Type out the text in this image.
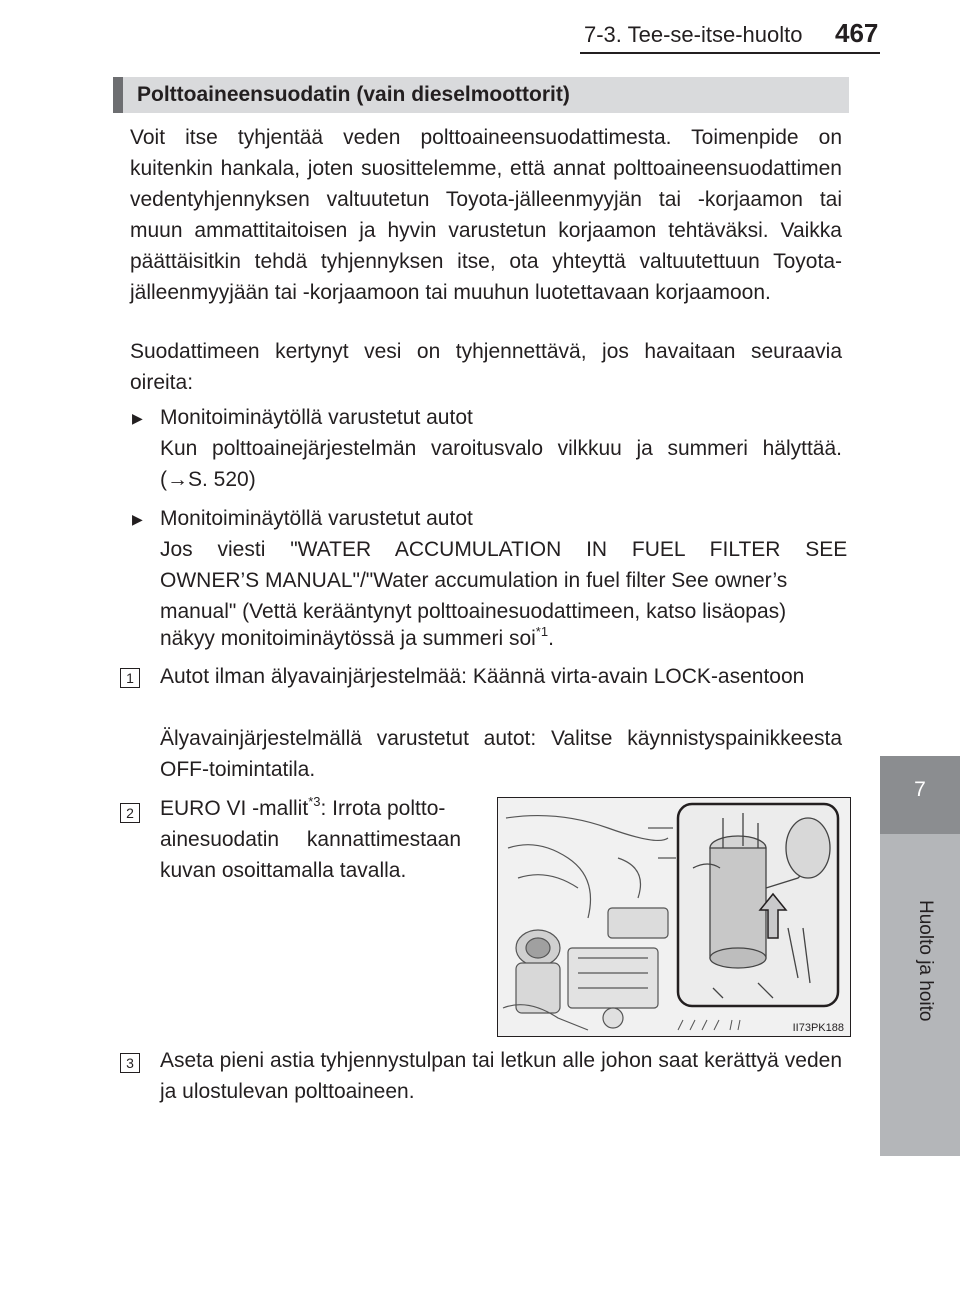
7-3. Tee-se-itse-huolto 467
7
Huolto ja hoito
Polttoaineensuodatin (vain dieselmoottorit)
Voit itse tyhjentää veden polttoaineensuodattimesta. Toimenpide on kuitenkin hankala, joten suosittelemme, että annat polttoaineensuodattimen vedentyhjennyksen valtuutetun Toyota-jälleenmyyjän tai -korjaamon tai muun ammattitaitoisen ja hyvin varustetun korjaamon tehtäväksi. Vaikka päättäisitkin tehdä tyhjennyksen itse, ota yhteyttä valtuutettuun Toyota-jälleenmyyjään tai -korjaamoon tai muuhun luotettavaan korjaamoon.
Suodattimeen kertynyt vesi on tyhjennettävä, jos havaitaan seuraavia oireita:
▶ Monitoiminäytöllä varustetut autot
Kun polttoainejärjestelmän varoitusvalo vilkkuu ja summeri hälyttää. (→S. 520)
▶ Monitoiminäytöllä varustetut autot
Jos viesti "WATER ACCUMULATION IN FUEL FILTER SEE
OWNER’S MANUAL"/"Water accumulation in fuel filter See owner’s
manual" (Vettä kerääntynyt polttoainesuodattimeen, katso lisäopas)
näkyy monitoiminäytössä ja summeri soi$^{*1}$.
1 Autot ilman älyavainjärjestelmää: Käännä virta-avain LOCK-asentoon
Älyavainjärjestelmällä varustetut autot: Valitse käynnistyspainikkeesta OFF-toimintatila.
2 EURO VI -mallit$^{*3}$: Irrota poltto-
ainesuodatin kannattimestaan
kuvan osoittamalla tavalla.
II73PK188
3 Aseta pieni astia tyhjennystulpan tai letkun alle johon saat kerättyä veden ja ulostulevan polttoaineen.
